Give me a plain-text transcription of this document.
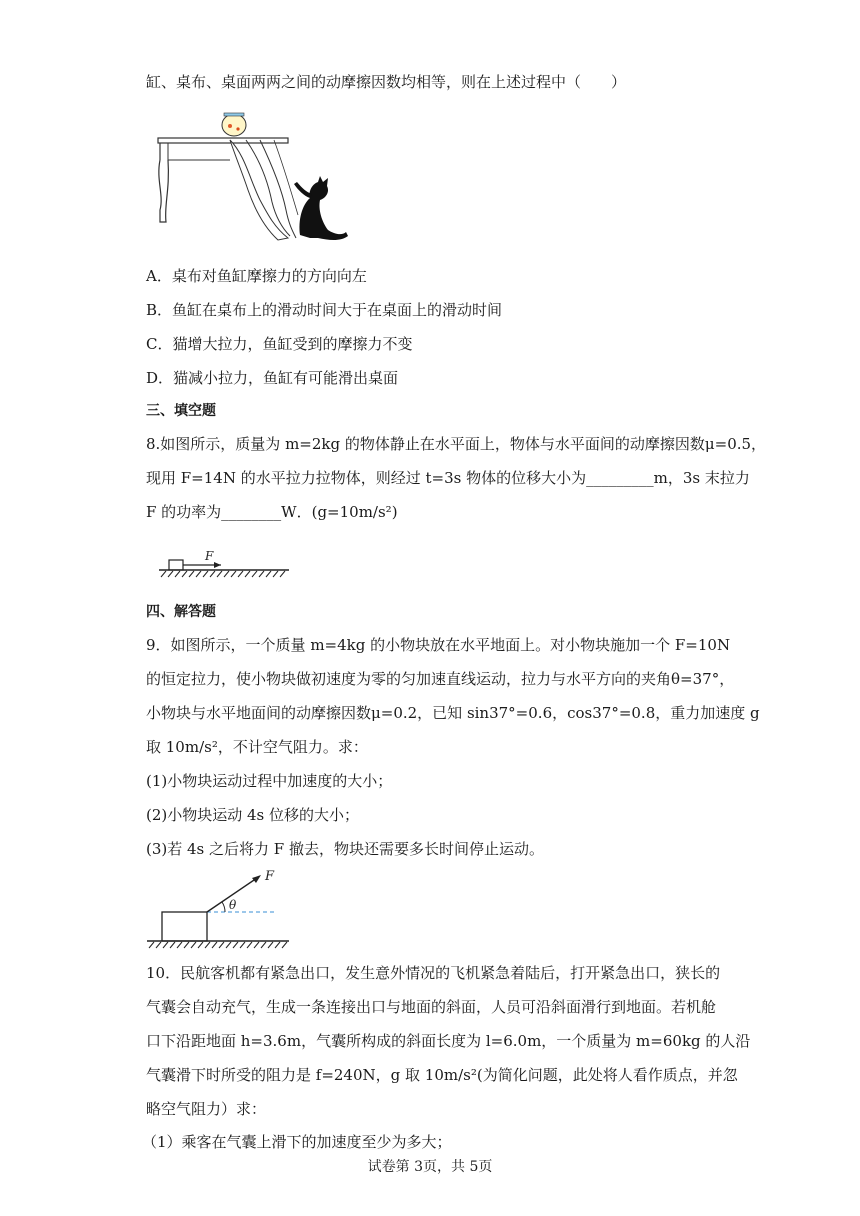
缸、桌布、桌面两两之间的动摩擦因数均相等，则在上述过程中（　　）
A．桌布对鱼缸摩擦力的方向向左
B．鱼缸在桌布上的滑动时间大于在桌面上的滑动时间
C．猫增大拉力，鱼缸受到的摩擦力不变
D．猫减小拉力，鱼缸有可能滑出桌面
三、填空题
8.如图所示，质量为 m=2kg 的物体静止在水平面上，物体与水平面间的动摩擦因数μ=0.5，
现用 F=14N 的水平拉力拉物体，则经过 t=3s 物体的位移大小为_________m，3s 末拉力
F 的功率为________W．(g=10m/s²)
F
四、解答题
9．如图所示，一个质量 m=4kg 的小物块放在水平地面上。对小物块施加一个 F=10N
的恒定拉力，使小物块做初速度为零的匀加速直线运动，拉力与水平方向的夹角θ=37°，
小物块与水平地面间的动摩擦因数μ=0.2，已知 sin37°=0.6，cos37°=0.8，重力加速度 g
取 10m/s²，不计空气阻力。求：
(1)小物块运动过程中加速度的大小；
(2)小物块运动 4s 位移的大小；
(3)若 4s 之后将力 F 撤去，物块还需要多长时间停止运动。
θ
F
10．民航客机都有紧急出口，发生意外情况的飞机紧急着陆后，打开紧急出口，狭长的
气囊会自动充气，生成一条连接出口与地面的斜面，人员可沿斜面滑行到地面。若机舱
口下沿距地面 h=3.6m，气囊所构成的斜面长度为 l=6.0m，一个质量为 m=60kg 的人沿
气囊滑下时所受的阻力是 f=240N，g 取 10m/s²(为简化问题，此处将人看作质点，并忽
略空气阻力）求：
（1）乘客在气囊上滑下的加速度至少为多大；
试卷第 3页，共 5页
